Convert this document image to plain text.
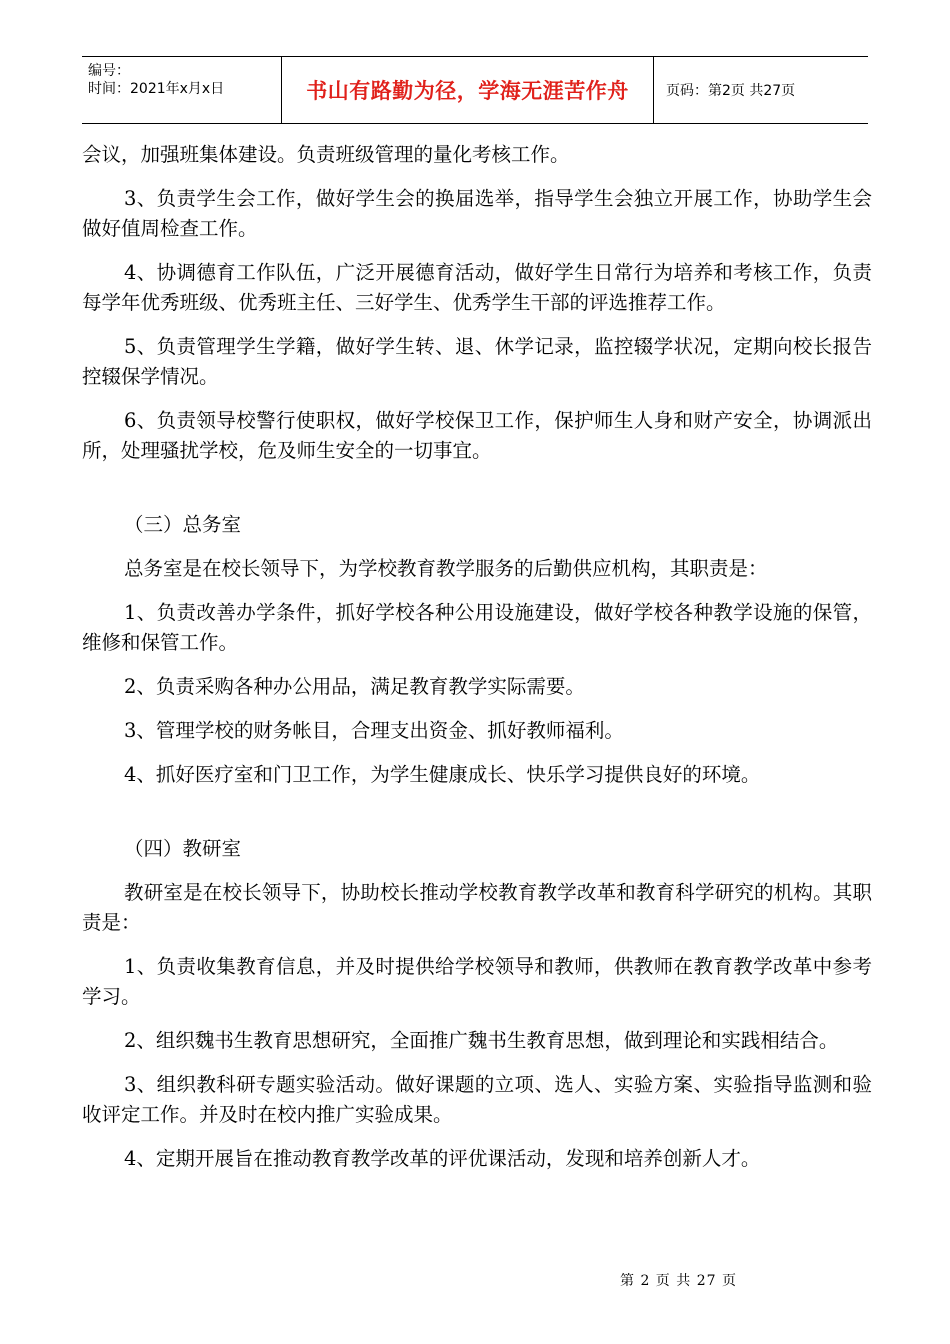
编号：
时间：2021年x月x日	书山有路勤为径，学海无涯苦作舟	页码：第2页 共27页

会议，加强班集体建设。负责班级管理的量化考核工作。

3、负责学生会工作，做好学生会的换届选举，指导学生会独立开展工作，协助学生会做好值周检查工作。

4、协调德育工作队伍，广泛开展德育活动，做好学生日常行为培养和考核工作，负责每学年优秀班级、优秀班主任、三好学生、优秀学生干部的评选推荐工作。

5、负责管理学生学籍，做好学生转、退、休学记录，监控辍学状况，定期向校长报告控辍保学情况。

6、负责领导校警行使职权，做好学校保卫工作，保护师生人身和财产安全，协调派出所，处理骚扰学校，危及师生安全的一切事宜。

（三）总务室

总务室是在校长领导下，为学校教育教学服务的后勤供应机构，其职责是：

1、负责改善办学条件，抓好学校各种公用设施建设，做好学校各种教学设施的保管，维修和保管工作。

2、负责采购各种办公用品，满足教育教学实际需要。

3、管理学校的财务帐目，合理支出资金、抓好教师福利。

4、抓好医疗室和门卫工作，为学生健康成长、快乐学习提供良好的环境。

（四）教研室

教研室是在校长领导下，协助校长推动学校教育教学改革和教育科学研究的机构。其职责是：

1、负责收集教育信息，并及时提供给学校领导和教师，供教师在教育教学改革中参考学习。

2、组织魏书生教育思想研究，全面推广魏书生教育思想，做到理论和实践相结合。

3、组织教科研专题实验活动。做好课题的立项、选人、实验方案、实验指导监测和验收评定工作。并及时在校内推广实验成果。

4、定期开展旨在推动教育教学改革的评优课活动，发现和培养创新人才。

第 2 页 共 27 页
